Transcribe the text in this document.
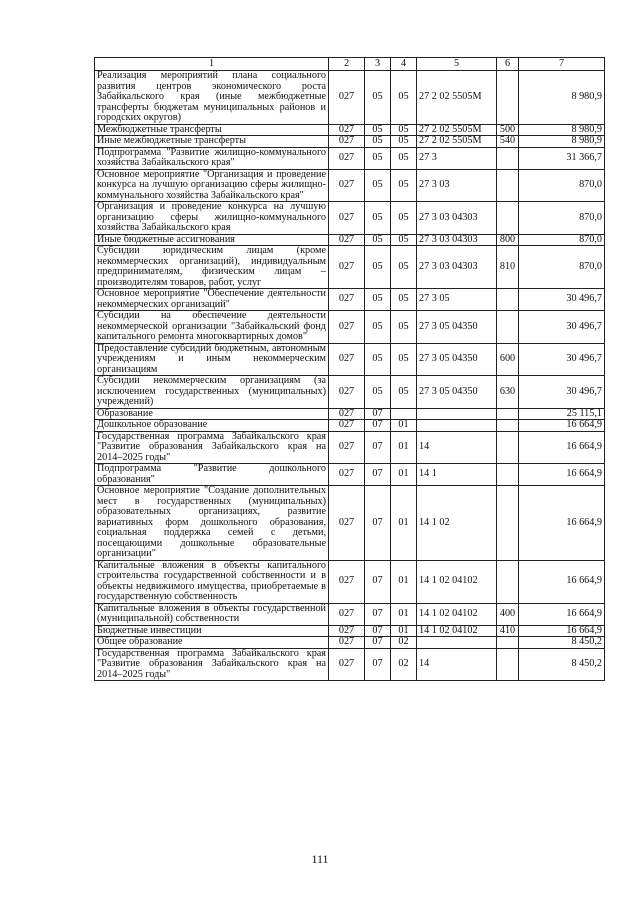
1	2	3	4	5	6	7
Реализация мероприятий плана социального развития центров экономического роста Забайкальского края (иные межбюджетные трансферты бюджетам муниципальных районов и городских округов)	027	05	05	27 2 02 5505M		8 980,9
Межбюджетные трансферты	027	05	05	27 2 02 5505M	500	8 980,9
Иные межбюджетные трансферты	027	05	05	27 2 02 5505M	540	8 980,9
Подпрограмма "Развитие жилищно-коммунального хозяйства Забайкальского края"	027	05	05	27 3		31 366,7
Основное мероприятие "Организация и проведение конкурса на лучшую организацию сферы жилищно-коммунального хозяйства Забайкальского края"	027	05	05	27 3 03		870,0
Организация и проведение конкурса на лучшую организацию сферы жилищно-коммунального хозяйства Забайкальского края	027	05	05	27 3 03 04303		870,0
Иные бюджетные ассигнования	027	05	05	27 3 03 04303	800	870,0
Субсидии юридическим лицам (кроме некоммерческих организаций), индивидуальным предпринимателям, физическим лицам – производителям товаров, работ, услуг	027	05	05	27 3 03 04303	810	870,0
Основное мероприятие "Обеспечение деятельности некоммерческих организаций"	027	05	05	27 3 05		30 496,7
Субсидии на обеспечение деятельности некоммерческой организации "Забайкальский фонд капитального ремонта многоквартирных домов"	027	05	05	27 3 05 04350		30 496,7
Предоставление субсидий бюджетным, автономным учреждениям и иным некоммерческим организациям	027	05	05	27 3 05 04350	600	30 496,7
Субсидии некоммерческим организациям (за исключением государственных (муниципальных) учреждений)	027	05	05	27 3 05 04350	630	30 496,7
Образование	027	07				25 115,1
Дошкольное образование	027	07	01			16 664,9
Государственная программа Забайкальского края "Развитие образования Забайкальского края на 2014–2025 годы"	027	07	01	14		16 664,9
Подпрограмма "Развитие дошкольного образования"	027	07	01	14 1		16 664,9
Основное мероприятие "Создание дополнительных мест в государственных (муниципальных) образовательных организациях, развитие вариативных форм дошкольного образования, социальная поддержка семей с детьми, посещающими дошкольные образовательные организации"	027	07	01	14 1 02		16 664,9
Капитальные вложения в объекты капитального строительства государственной собственности и в объекты недвижимого имущества, приобретаемые в государственную собственность	027	07	01	14 1 02 04102		16 664,9
Капитальные вложения в объекты государственной (муниципальной) собственности	027	07	01	14 1 02 04102	400	16 664,9
Бюджетные инвестиции	027	07	01	14 1 02 04102	410	16 664,9
Общее образование	027	07	02			8 450,2
Государственная программа Забайкальского края "Развитие образования Забайкальского края на 2014–2025 годы"	027	07	02	14		8 450,2
111
